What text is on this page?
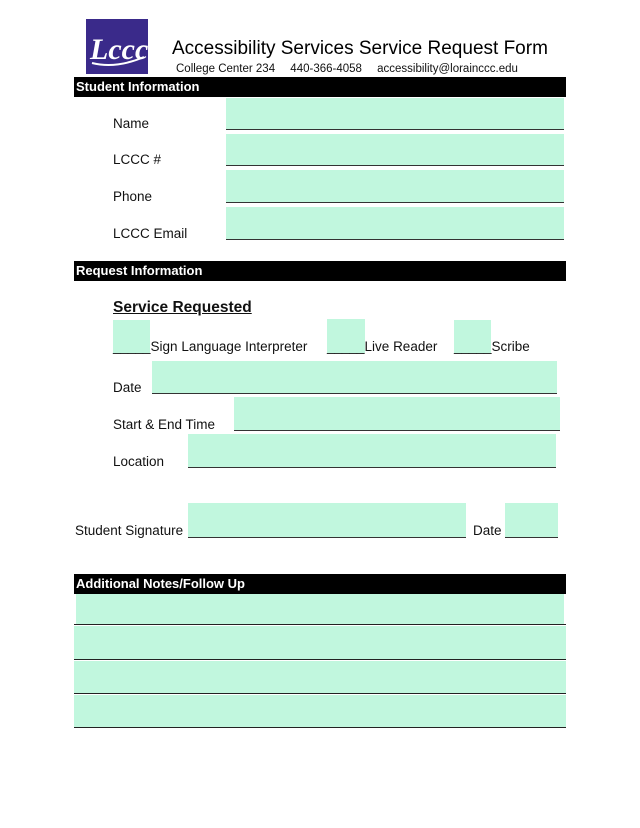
Lccc Accessibility Services Service Request Form
College Center 234 440-366-4058 accessibility@lorainccc.edu
Student Information
Name
LCCC #
Phone
LCCC Email
Request Information
Service Requested
_____Sign Language Interpreter _____Live Reader _____Scribe
Date
Start & End Time
Location
Student Signature	Date
Additional Notes/Follow Up
